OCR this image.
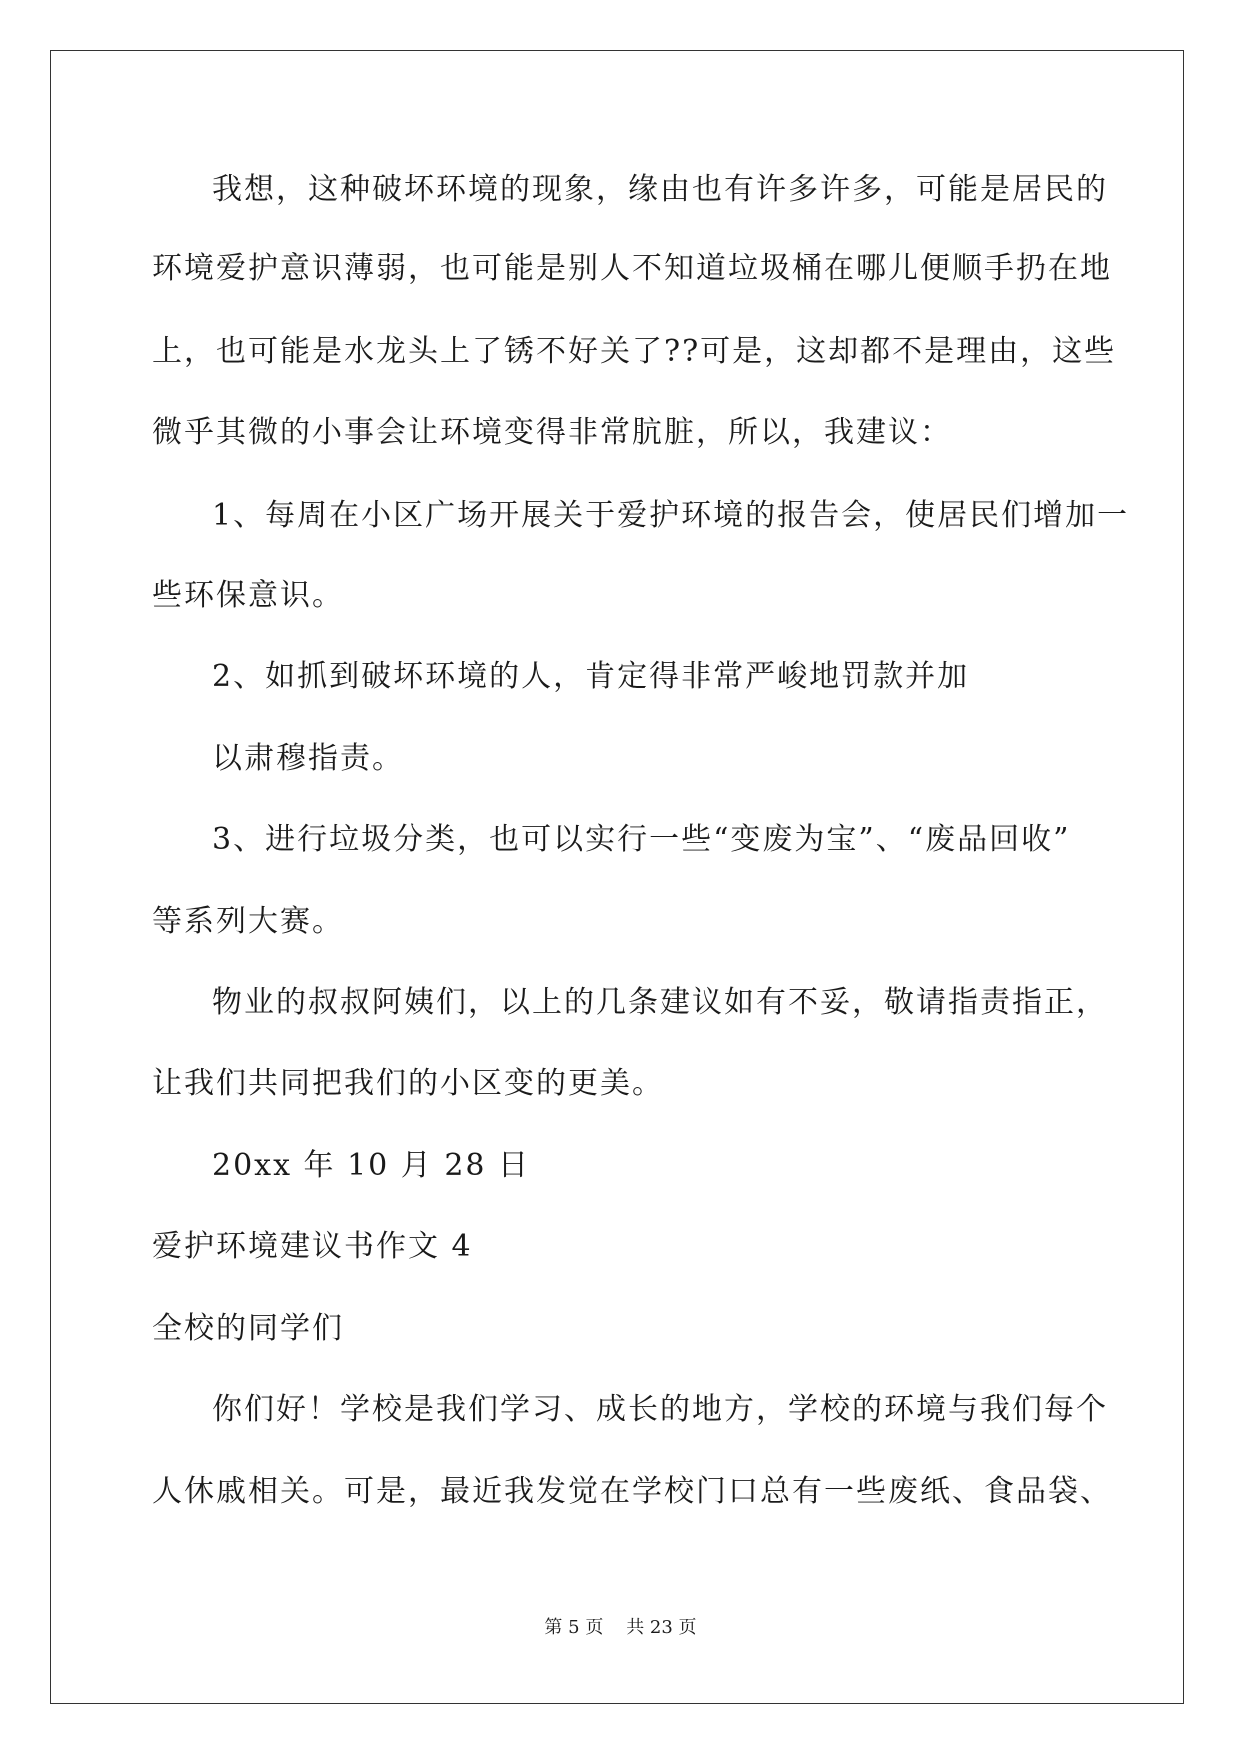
我想，这种破坏环境的现象，缘由也有许多许多，可能是居民的
环境爱护意识薄弱，也可能是别人不知道垃圾桶在哪儿便顺手扔在地
上，也可能是水龙头上了锈不好关了??可是，这却都不是理由，这些
微乎其微的小事会让环境变得非常肮脏，所以，我建议：
1、每周在小区广场开展关于爱护环境的报告会，使居民们增加一
些环保意识。
2、如抓到破坏环境的人，肯定得非常严峻地罚款并加
以肃穆指责。
3、进行垃圾分类，也可以实行一些“变废为宝”、“废品回收”
等系列大赛。
物业的叔叔阿姨们，以上的几条建议如有不妥，敬请指责指正，
让我们共同把我们的小区变的更美。
20xx 年 10 月 28 日
爱护环境建议书作文 4
全校的同学们
你们好！学校是我们学习、成长的地方，学校的环境与我们每个
人休戚相关。可是，最近我发觉在学校门口总有一些废纸、食品袋、
第 5 页    共 23 页
